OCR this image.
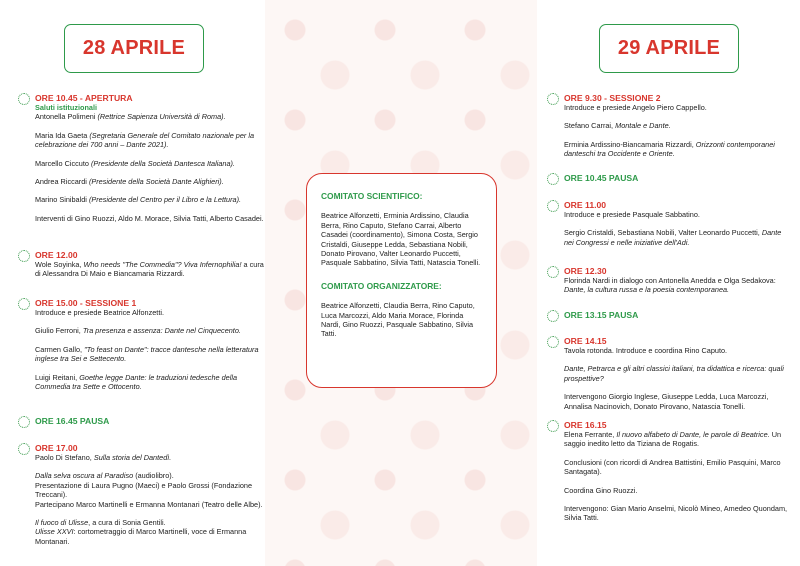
28 APRILE
ORE 10.45 - APERTURA
Saluti istituzionali
Antonella Polimeni (Rettrice Sapienza Università di Roma).
Maria Ida Gaeta (Segretaria Generale del Comitato nazionale per la celebrazione dei 700 anni – Dante 2021).
Marcello Ciccuto (Presidente della Società Dantesca Italiana).
Andrea Riccardi (Presidente della Società Dante Alighieri).
Marino Sinibaldi (Presidente del Centro per il Libro e la Lettura).
Interventi di Gino Ruozzi, Aldo M. Morace, Silvia Tatti, Alberto Casadei.
ORE 12.00
Wole Soyinka, Who needs "The Commedia"? Viva Infernophilia! a cura di Alessandra Di Maio e Biancamaria Rizzardi.
ORE 15.00 - SESSIONE 1
Introduce e presiede Beatrice Alfonzetti.
Giulio Ferroni, Tra presenza e assenza: Dante nel Cinquecento.
Carmen Gallo, "To feast on Dante": tracce dantesche nella letteratura inglese tra Sei e Settecento.
Luigi Reitani, Goethe legge Dante: le traduzioni tedesche della Commedia tra Sette e Ottocento.
ORE 16.45 PAUSA
ORE 17.00
Paolo Di Stefano, Sulla storia del Dantedì.
Dalla selva oscura al Paradiso (audiolibro).
Presentazione di Laura Pugno (Maeci) e Paolo Grossi (Fondazione Treccani).
Partecipano Marco Martinelli e Ermanna Montanari (Teatro delle Albe).
Il fuoco di Ulisse, a cura di Sonia Gentili.
Ulisse XXVI: cortometraggio di Marco Martinelli, voce di Ermanna Montanari.
COMITATO SCIENTIFICO:
Beatrice Alfonzetti, Erminia Ardissino, Claudia Berra, Rino Caputo, Stefano Carrai, Alberto Casadei (coordinamento), Simona Costa, Sergio Cristaldi, Giuseppe Ledda, Sebastiana Nobili, Donato Pirovano, Valter Leonardo Puccetti, Pasquale Sabbatino, Silvia Tatti, Natascia Tonelli.
COMITATO ORGANIZZATORE:
Beatrice Alfonzetti, Claudia Berra, Rino Caputo, Luca Marcozzi, Aldo Maria Morace, Florinda Nardi, Gino Ruozzi, Pasquale Sabbatino, Silvia Tatti.
29 APRILE
ORE 9.30 - SESSIONE 2
Introduce e presiede Angelo Piero Cappello.
Stefano Carrai, Montale e Dante.
Erminia Ardissino-Biancamaria Rizzardi, Orizzonti contemporanei danteschi tra Occidente e Oriente.
ORE 10.45 PAUSA
ORE 11.00
Introduce e presiede Pasquale Sabbatino.
Sergio Cristaldi, Sebastiana Nobili, Valter Leonardo Puccetti, Dante nei Congressi e nelle iniziative dell'Adi.
ORE 12.30
Florinda Nardi in dialogo con Antonella Anedda e Olga Sedakova: Dante, la cultura russa e la poesia contemporanea.
ORE 13.15 PAUSA
ORE 14.15
Tavola rotonda. Introduce e coordina Rino Caputo.
Dante, Petrarca e gli altri classici italiani, tra didattica e ricerca: quali prospettive?
Intervengono Giorgio Inglese, Giuseppe Ledda, Luca Marcozzi, Annalisa Nacinovich, Donato Pirovano, Natascia Tonelli.
ORE 16.15
Elena Ferrante, Il nuovo alfabeto di Dante, le parole di Beatrice. Un saggio inedito letto da Tiziana de Rogatis.
Conclusioni (con ricordi di Andrea Battistini, Emilio Pasquini, Marco Santagata).
Coordina Gino Ruozzi.
Intervengono: Gian Mario Anselmi, Nicolò Mineo, Amedeo Quondam, Silvia Tatti.
